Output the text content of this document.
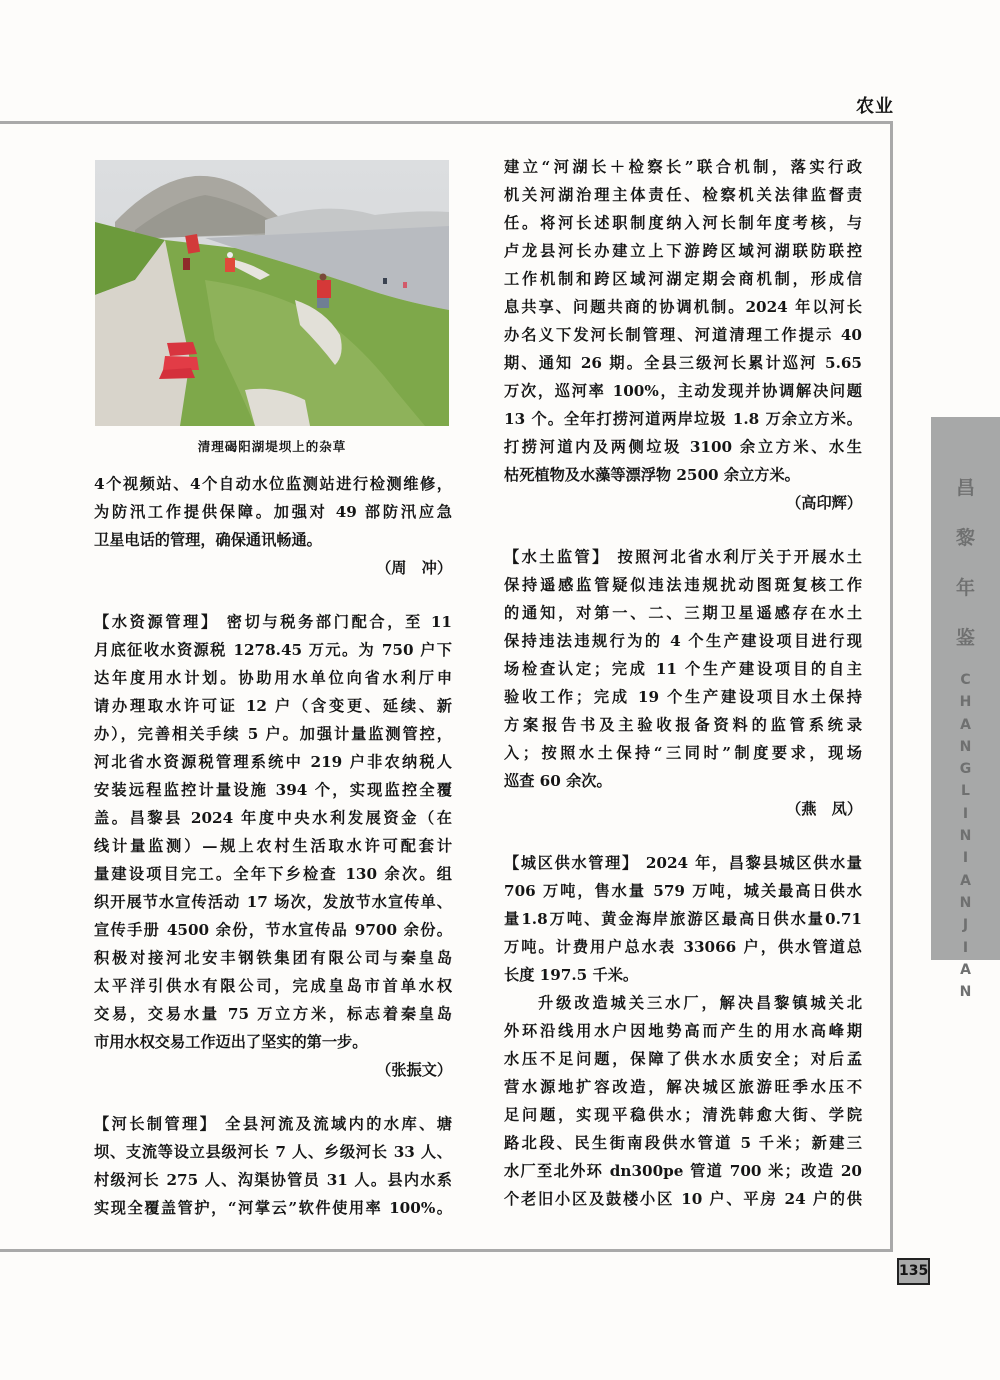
农业
清理碣阳湖堤坝上的杂草
4个视频站、4个自动水位监测站进行检测维修，
为防汛工作提供保障。加强对 49 部防汛应急
卫星电话的管理，确保通讯畅通。
（周　冲）
【水资源管理】 密切与税务部门配合，至 11
月底征收水资源税 1278.45 万元。为 750 户下
达年度用水计划。协助用水单位向省水利厅申
请办理取水许可证 12 户（含变更、延续、新
办），完善相关手续 5 户。加强计量监测管控，
河北省水资源税管理系统中 219 户非农纳税人
安装远程监控计量设施 394 个，实现监控全覆
盖。昌黎县 2024 年度中央水利发展资金（在
线计量监测）—规上农村生活取水许可配套计
量建设项目完工。全年下乡检查 130 余次。组
织开展节水宣传活动 17 场次，发放节水宣传单、
宣传手册 4500 余份，节水宣传品 9700 余份。
积极对接河北安丰钢铁集团有限公司与秦皇岛
太平洋引供水有限公司，完成皇岛市首单水权
交易，交易水量 75 万立方米，标志着秦皇岛
市用水权交易工作迈出了坚实的第一步。
（张振文）
【河长制管理】 全县河流及流域内的水库、塘
坝、支流等设立县级河长 7 人、乡级河长 33 人、
村级河长 275 人、沟渠协管员 31 人。县内水系
实现全覆盖管护，“河掌云”软件使用率 100%。
建立“河湖长＋检察长”联合机制，落实行政
机关河湖治理主体责任、检察机关法律监督责
任。将河长述职制度纳入河长制年度考核，与
卢龙县河长办建立上下游跨区域河湖联防联控
工作机制和跨区域河湖定期会商机制，形成信
息共享、问题共商的协调机制。2024 年以河长
办名义下发河长制管理、河道清理工作提示 40
期、通知 26 期。全县三级河长累计巡河 5.65
万次，巡河率 100%，主动发现并协调解决问题
13 个。全年打捞河道两岸垃圾 1.8 万余立方米。
打捞河道内及两侧垃圾 3100 余立方米、水生
枯死植物及水藻等漂浮物 2500 余立方米。
（高印辉）
【水土监管】 按照河北省水利厅关于开展水土
保持遥感监管疑似违法违规扰动图斑复核工作
的通知，对第一、二、三期卫星遥感存在水土
保持违法违规行为的 4 个生产建设项目进行现
场检查认定；完成 11 个生产建设项目的自主
验收工作；完成 19 个生产建设项目水土保持
方案报告书及主验收报备资料的监管系统录
入；按照水土保持“三同时”制度要求，现场
巡查 60 余次。
（燕　凤）
【城区供水管理】 2024 年，昌黎县城区供水量
706 万吨，售水量 579 万吨，城关最高日供水
量1.8万吨、黄金海岸旅游区最高日供水量0.71
万吨。计费用户总水表 33066 户，供水管道总
长度 197.5 千米。
升级改造城关三水厂，解决昌黎镇城关北
外环沿线用水户因地势高而产生的用水高峰期
水压不足问题，保障了供水水质安全；对后孟
营水源地扩容改造，解决城区旅游旺季水压不
足问题，实现平稳供水；清洗韩愈大街、学院
路北段、民生街南段供水管道 5 千米；新建三
水厂至北外环 dn300pe 管道 700 米；改造 20
个老旧小区及鼓楼小区 10 户、平房 24 户的供
昌
黎
年
鉴
C
H
A
N
G
L
I
N
I
A
N
J
I
A
N
135
